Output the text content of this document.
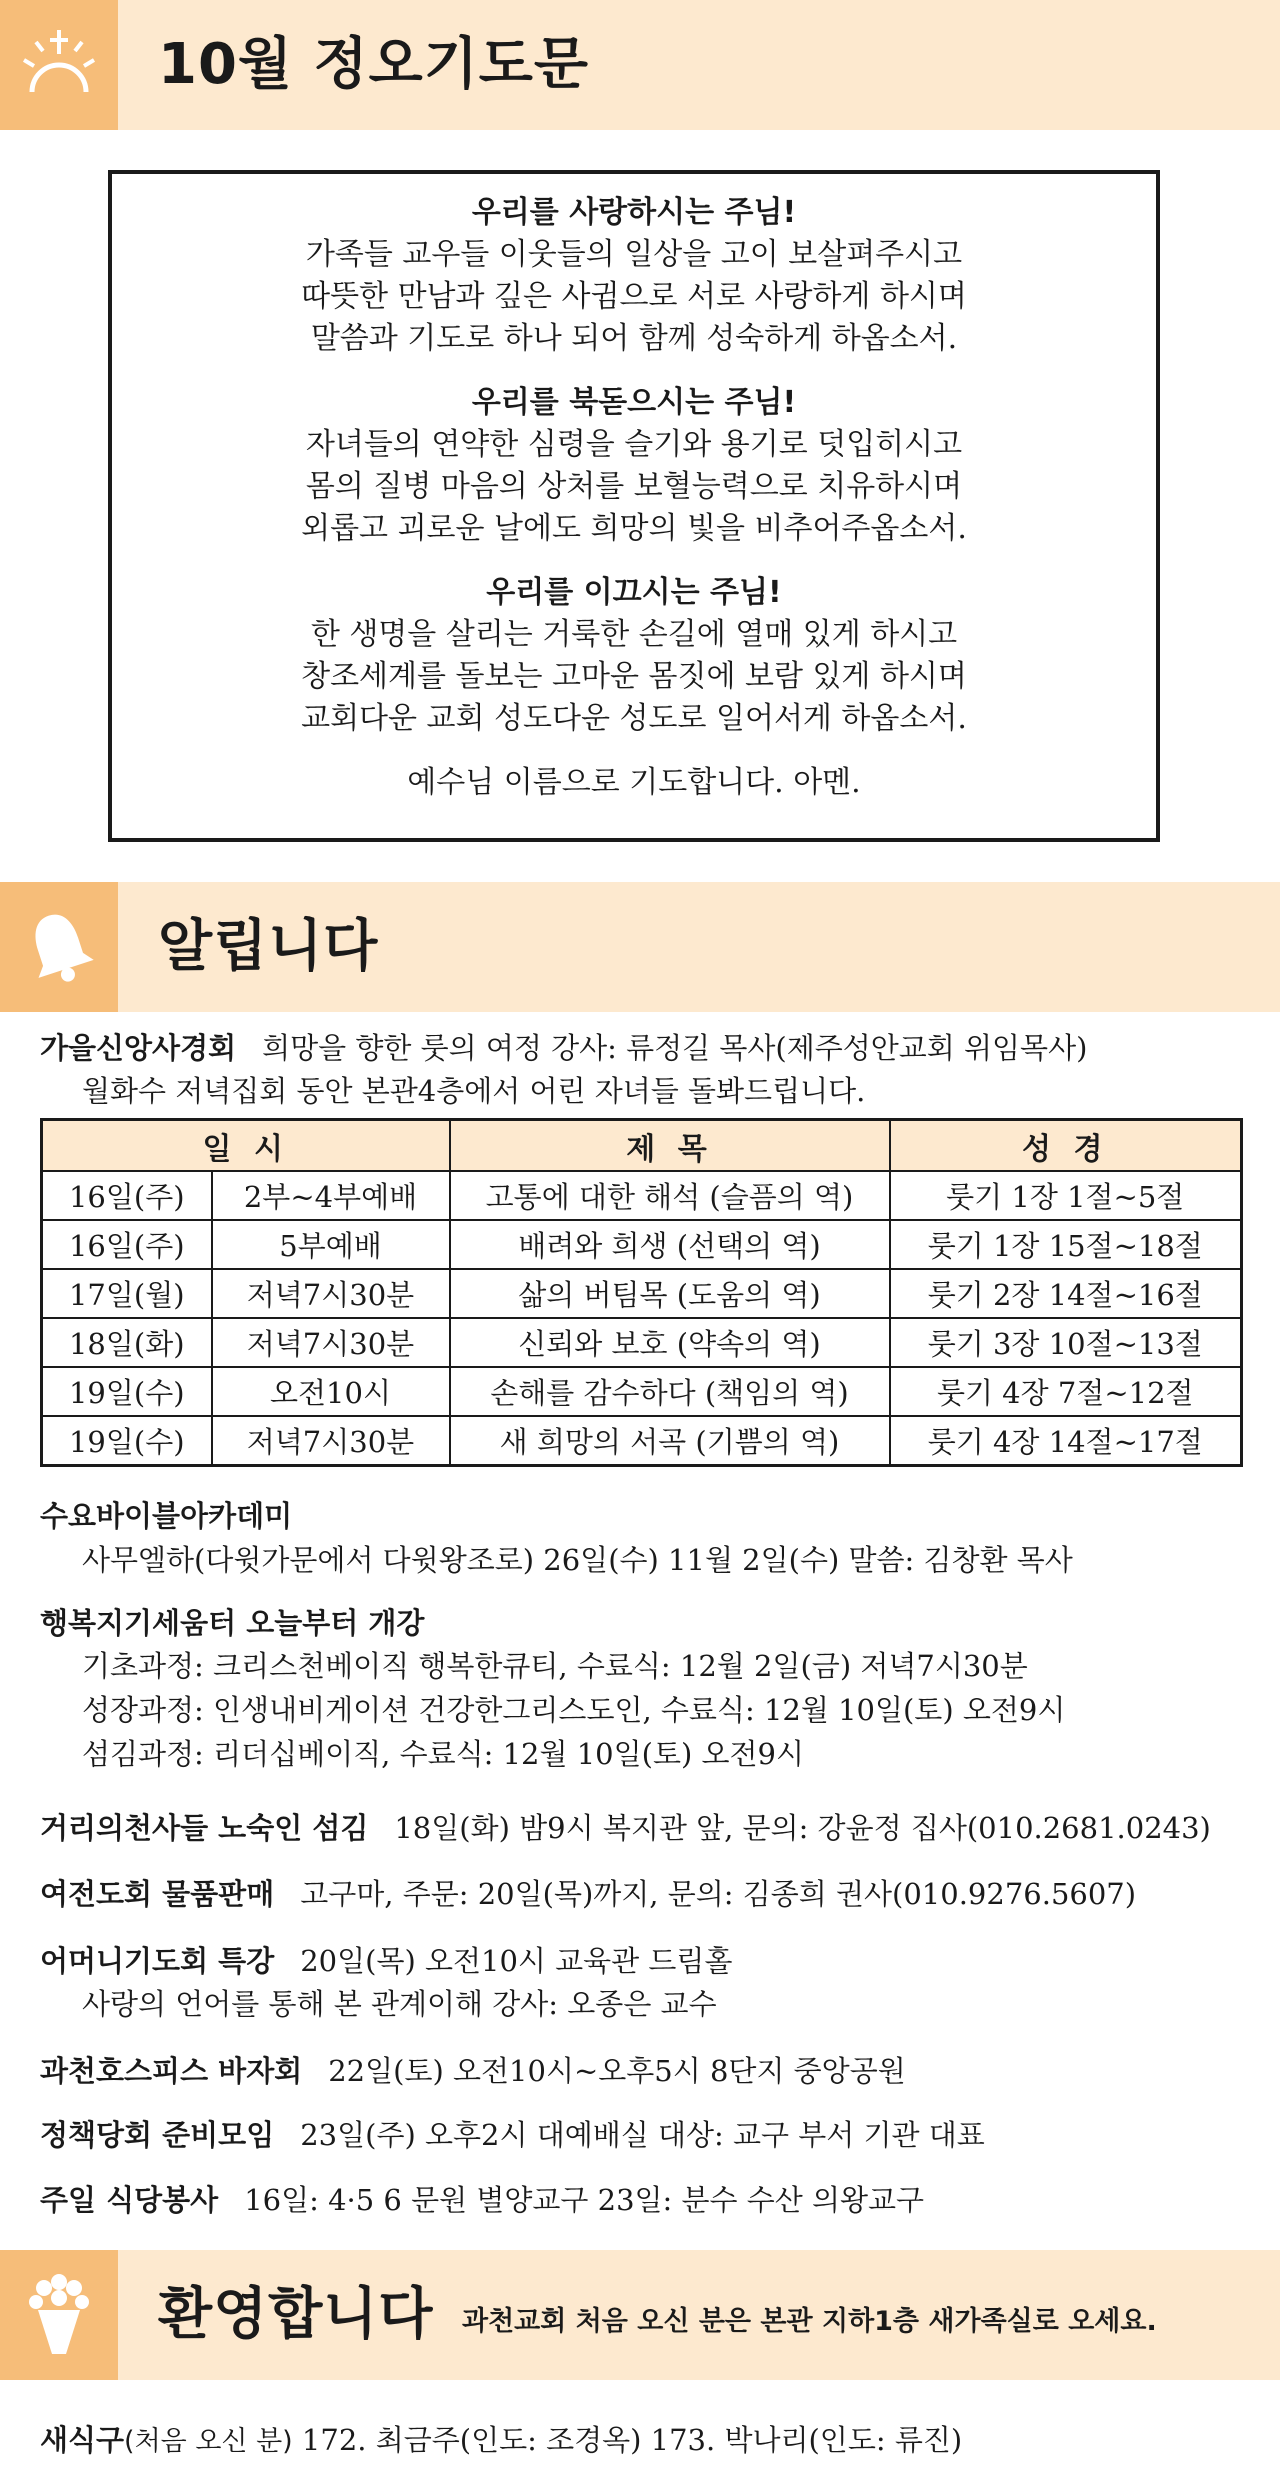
10월 정오기도문
우리를 사랑하시는 주님!
가족들 교우들 이웃들의 일상을 고이 보살펴주시고
따뜻한 만남과 깊은 사귐으로 서로 사랑하게 하시며
말씀과 기도로 하나 되어 함께 성숙하게 하옵소서.
우리를 북돋으시는 주님!
자녀들의 연약한 심령을 슬기와 용기로 덧입히시고
몸의 질병 마음의 상처를 보혈능력으로 치유하시며
외롭고 괴로운 날에도 희망의 빛을 비추어주옵소서.
우리를 이끄시는 주님!
한 생명을 살리는 거룩한 손길에 열매 있게 하시고
창조세계를 돌보는 고마운 몸짓에 보람 있게 하시며
교회다운 교회 성도다운 성도로 일어서게 하옵소서.
예수님 이름으로 기도합니다. 아멘.
알립니다
가을신앙사경회 희망을 향한 룻의 여정 강사: 류정길 목사(제주성안교회 위임목사)
월화수 저녁집회 동안 본관4층에서 어린 자녀들 돌봐드립니다.
일 시		제 목	성 경
16일(주)	2부~4부예배	고통에 대한 해석 (슬픔의 역)	룻기 1장 1절~5절
16일(주)	5부예배	배려와 희생 (선택의 역)	룻기 1장 15절~18절
17일(월)	저녁7시30분	삶의 버팀목 (도움의 역)	룻기 2장 14절~16절
18일(화)	저녁7시30분	신뢰와 보호 (약속의 역)	룻기 3장 10절~13절
19일(수)	오전10시	손해를 감수하다 (책임의 역)	룻기 4장 7절~12절
19일(수)	저녁7시30분	새 희망의 서곡 (기쁨의 역)	룻기 4장 14절~17절
수요바이블아카데미
사무엘하(다윗가문에서 다윗왕조로) 26일(수) 11월 2일(수) 말씀: 김창환 목사
행복지기세움터 오늘부터 개강
기초과정: 크리스천베이직 행복한큐티, 수료식: 12월 2일(금) 저녁7시30분
성장과정: 인생내비게이션 건강한그리스도인, 수료식: 12월 10일(토) 오전9시
섬김과정: 리더십베이직, 수료식: 12월 10일(토) 오전9시
거리의천사들 노숙인 섬김 18일(화) 밤9시 복지관 앞, 문의: 강윤정 집사(010.2681.0243)
여전도회 물품판매 고구마, 주문: 20일(목)까지, 문의: 김종희 권사(010.9276.5607)
어머니기도회 특강 20일(목) 오전10시 교육관 드림홀
사랑의 언어를 통해 본 관계이해 강사: 오종은 교수
과천호스피스 바자회 22일(토) 오전10시~오후5시 8단지 중앙공원
정책당회 준비모임 23일(주) 오후2시 대예배실 대상: 교구 부서 기관 대표
주일 식당봉사 16일: 4·5 6 문원 별양교구 23일: 분수 수산 의왕교구
환영합니다 과천교회 처음 오신 분은 본관 지하1층 새가족실로 오세요.
새식구(처음 오신 분) 172. 최금주(인도: 조경옥) 173. 박나리(인도: 류진)
